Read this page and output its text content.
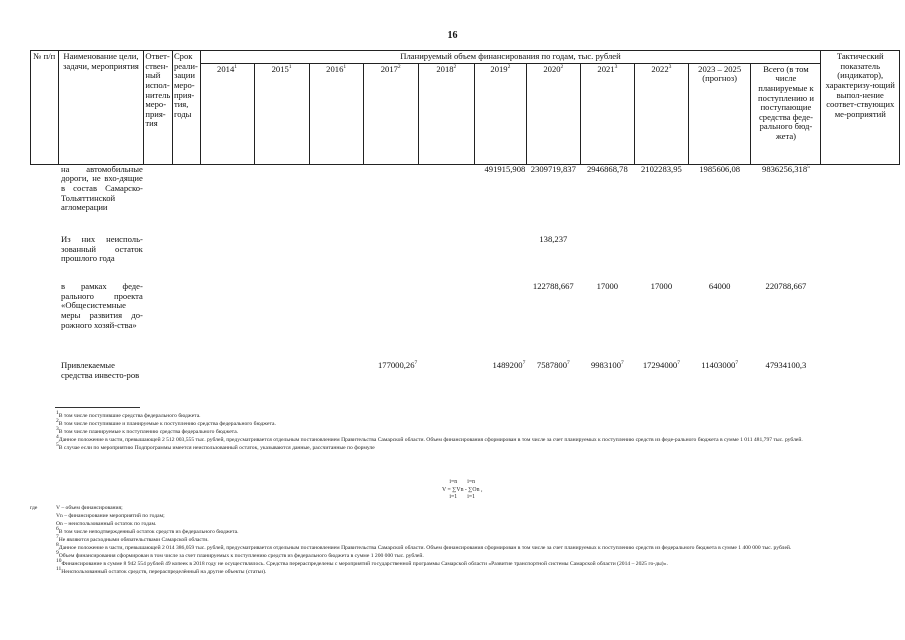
16
№ п/п	Наименование цели, задачи, мероприятия	Ответ-ствен-ный испол-нитель меро-прия-тия	Срок реали-зации меро-прия-тия, годы	Планируемый объем финансирования по годам, тыс. рублей											Тактический показатель (индикатор), характеризу-ющий выпол-нение соответ-ствующих ме-роприятий
				2014$^1$	2015$^1$	2016$^1$	2017$^2$	2018$^2$	2019$^2$	2020$^2$	2021$^3$	2022$^3$	2023 – 2025 (прогноз)	Всего (в том числе планируемые к поступлению и поступающие средства феде-рального бюд-жета)	
	на автомобильные дороги, не вхо-дящие в состав Самарско-Тольяттинской агломерации								491915,908	2309719,837	2946868,78	2102283,95	1985606,08	9836256,318$^5$	
	Из них неисполь-зованный остаток прошлого года									138,237					
	в рамках феде-рального проекта «Общесистемные меры развития до-рожного хозяй-ства»									122788,667	17000	17000	64000	220788,667	
	Привлекаемые средства инвесто-ров						177000,26$^7$		1489200$^7$	7587800$^7$	9983100$^7$	17294000$^7$	11403000$^7$	47934100,3	
$^1$В том числе поступившие средства федерального бюджета.
$^2$В том числе поступившие и планируемые к поступлению средства федерального бюджета.
$^3$В том числе планируемые к поступлению средства федерального бюджета.
$^4$Данное положение в части, превышающей 2 512 003,555 тыс. рублей, предусматривается отдельным постановлением Правительства Самарской области. Объем финансирования сформирован в том числе за счет планируемых к поступлению средств из феде-рального бюджета в сумме 1 011 481,797 тыс. рублей.
$^5$В случае если по мероприятию Подпрограммы имеется неиспользованный остаток, указываются данные, рассчитанные по формуле
i=n       i=n
V = ∑Vn - ∑On ,
i=1       i=1
где	V – объем финансирования;
Vn – финансирование мероприятий по годам;
On – неиспользованный остаток по годам.
$^6$В том числе неподтвержденный остаток средств из федерального бюджета.
$^7$Не являются расходными обязательствами Самарской области.
$^8$Данное положение в части, превышающей 2 014 386,059 тыс. рублей, предусматривается отдельным постановлением Правительства Самарской области. Объем финансирования сформирован в том числе за счет планируемых к поступлению средств из федерального бюджета в сумме 1 400 000 тыс. рублей.
$^9$Объем финансирования сформирован в том числе за счет планируемых к поступлению средств из федерального бюджета в сумме 1 200 000 тыс. рублей.
$^{10}$Финансирование в сумме 8 942 554 рублей 49 копеек в 2018 году не осуществлялось. Средства перераспределены с мероприятий государственной программы Самарской области «Развитие транспортной системы Самарской области (2014 – 2025 го-ды)».
$^{11}$Неиспользованный остаток средств, перераспределённый на другие объекты (статьи).
